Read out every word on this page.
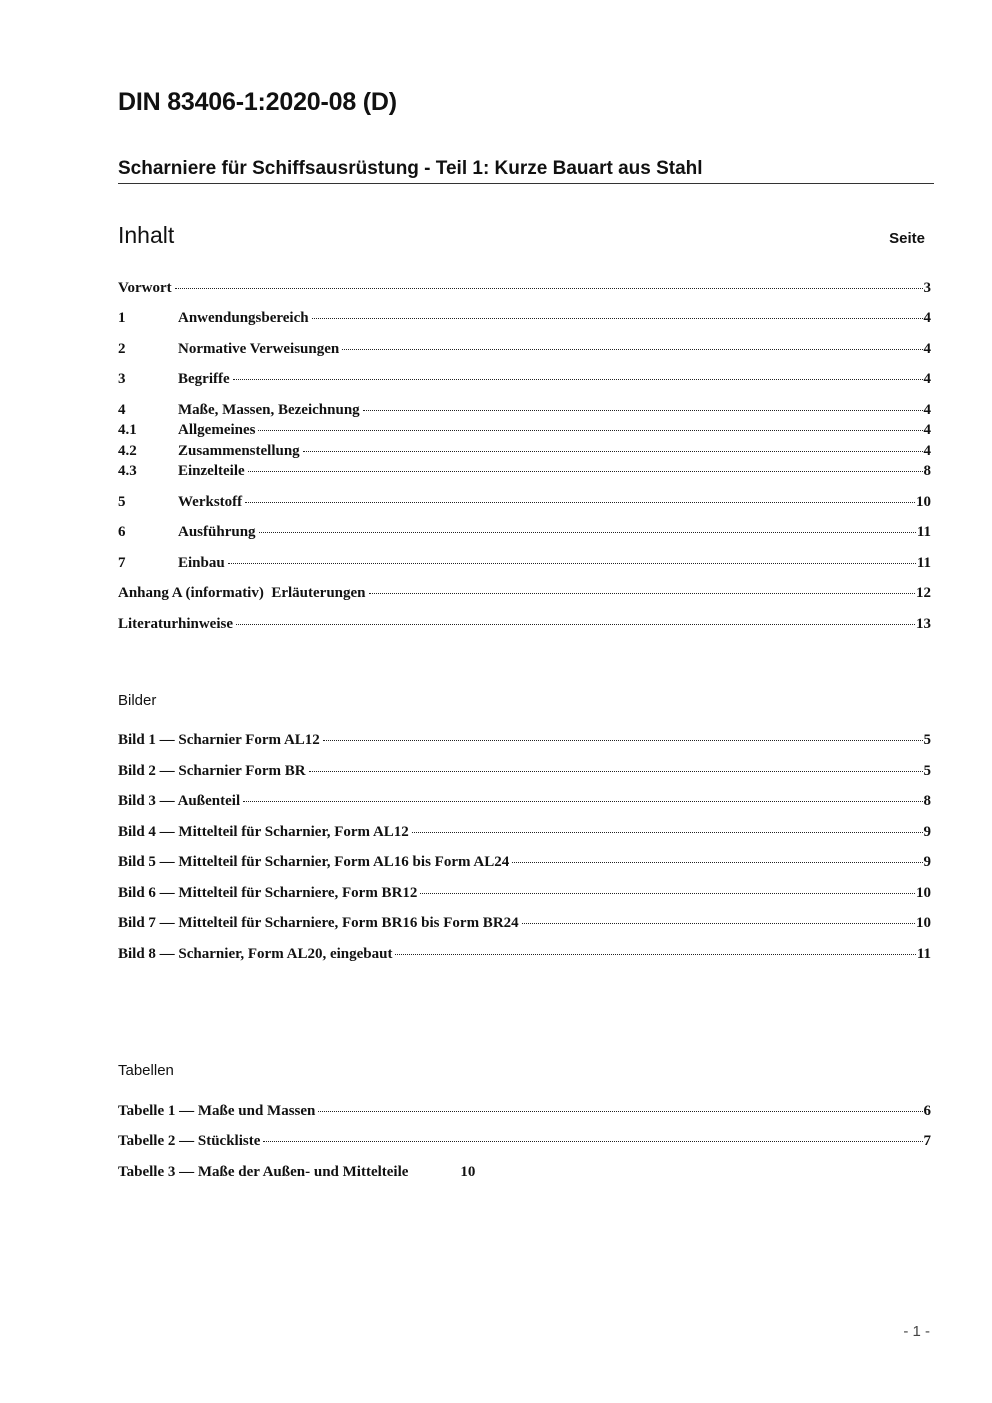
DIN 83406-1:2020-08 (D)
Scharniere für Schiffsausrüstung - Teil 1: Kurze Bauart aus Stahl
Inhalt	Seite
Vorwort	3
1	Anwendungsbereich	4
2	Normative Verweisungen	4
3	Begriffe	4
4	Maße, Massen, Bezeichnung	4
4.1	Allgemeines	4
4.2	Zusammenstellung	4
4.3	Einzelteile	8
5	Werkstoff	10
6	Ausführung	11
7	Einbau	11
Anhang A (informativ)  Erläuterungen	12
Literaturhinweise	13
Bilder
Bild 1 — Scharnier Form AL12	5
Bild 2 — Scharnier Form BR	5
Bild 3 — Außenteil	8
Bild 4 — Mittelteil für Scharnier, Form AL12	9
Bild 5 — Mittelteil für Scharnier, Form AL16 bis Form AL24	9
Bild 6 — Mittelteil für Scharniere, Form BR12	10
Bild 7 — Mittelteil für Scharniere, Form BR16 bis Form BR24	10
Bild 8 — Scharnier, Form AL20, eingebaut	11
Tabellen
Tabelle 1 — Maße und Massen	6
Tabelle 2 — Stückliste	7
Tabelle 3 — Maße der Außen- und Mittelteile	10
- 1 -
